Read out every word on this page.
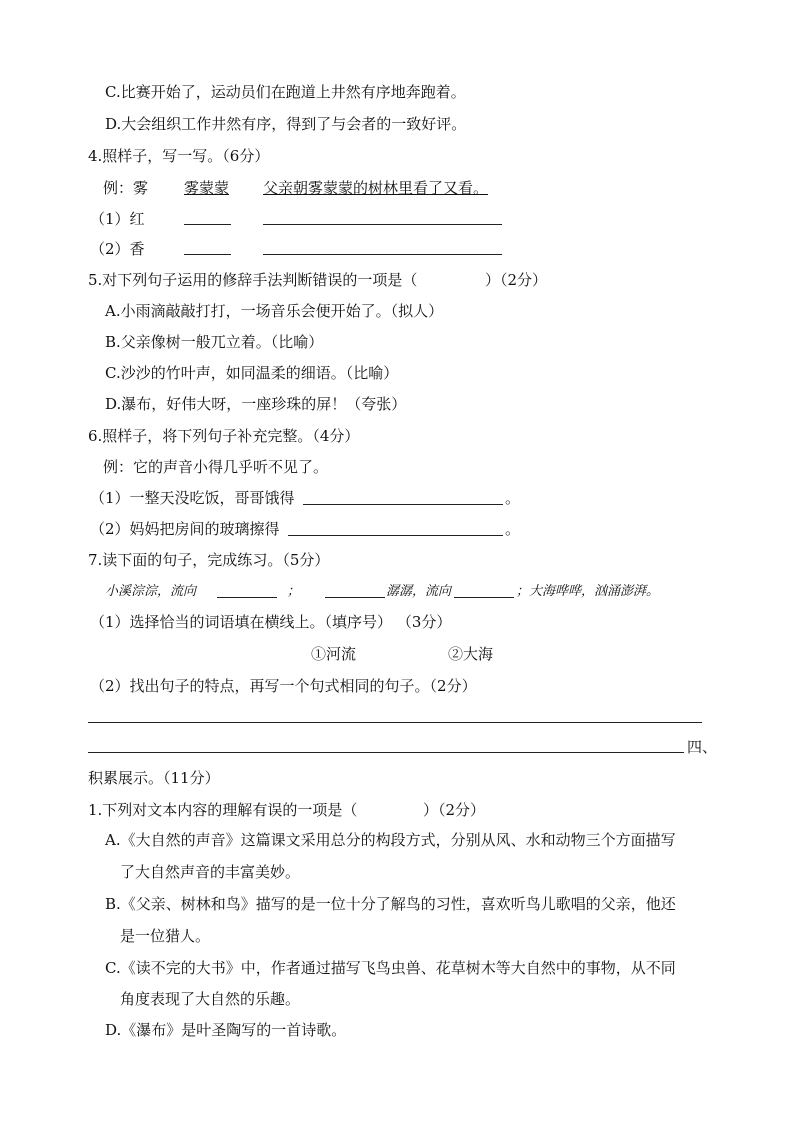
C.比赛开始了，运动员们在跑道上井然有序地奔跑着。
D.大会组织工作井然有序，得到了与会者的一致好评。
4.照样子，写一写。（6分）
例：雾 雾蒙蒙 父亲朝雾蒙蒙的树林里看了又看。
（1）红
（2）香
5.对下列句子运用的修辞手法判断错误的一项是（	）（2分）
A.小雨滴敲敲打打，一场音乐会便开始了。（拟人）
B.父亲像树一般兀立着。（比喻）
C.沙沙的竹叶声，如同温柔的细语。（比喻）
D.瀑布，好伟大呀，一座珍珠的屏！（夸张）
6.照样子，将下列句子补充完整。（4分）
例：它的声音小得几乎听不见了。
（1）一整天没吃饭，哥哥饿得	。
（2）妈妈把房间的玻璃擦得	。
7.读下面的句子，完成练习。（5分）
小溪淙淙，流向	；	潺潺，流向	；大海哗哗，汹涌澎湃。
（1）选择恰当的词语填在横线上。（填序号） （3分）
①河流	②大海
（2）找出句子的特点，再写一个句式相同的句子。（2分）
四、
积累展示。（11分）
1.下列对文本内容的理解有误的一项是（	）（2分）
A.《大自然的声音》这篇课文采用总分的构段方式，分别从风、水和动物三个方面描写
了大自然声音的丰富美妙。
B.《父亲、树林和鸟》描写的是一位十分了解鸟的习性，喜欢听鸟儿歌唱的父亲，他还
是一位猎人。
C.《读不完的大书》中，作者通过描写飞鸟虫兽、花草树木等大自然中的事物，从不同
角度表现了大自然的乐趣。
D.《瀑布》是叶圣陶写的一首诗歌。
